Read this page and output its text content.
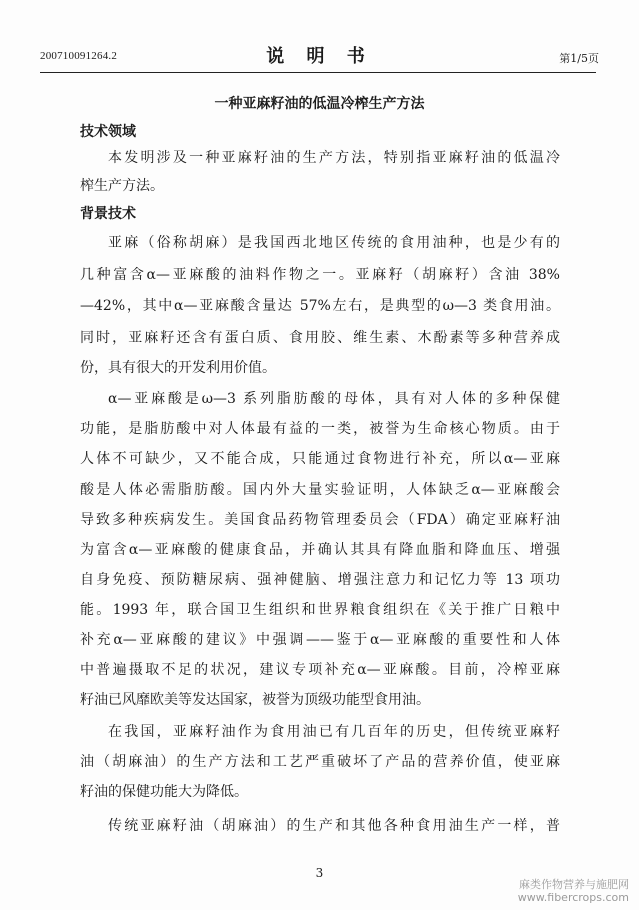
200710091264.2	说 明 书	第1/5页
一种亚麻籽油的低温冷榨生产方法
技术领域
本发明涉及一种亚麻籽油的生产方法，特别指亚麻籽油的低温冷
榨生产方法。
背景技术
亚麻（俗称胡麻）是我国西北地区传统的食用油种，也是少有的
几种富含α—亚麻酸的油料作物之一。亚麻籽（胡麻籽）含油 38%
—42%，其中α—亚麻酸含量达 57%左右，是典型的ω—3 类食用油。
同时，亚麻籽还含有蛋白质、食用胶、维生素、木酚素等多种营养成
份，具有很大的开发利用价值。
α—亚麻酸是ω—3 系列脂肪酸的母体，具有对人体的多种保健
功能，是脂肪酸中对人体最有益的一类，被誉为生命核心物质。由于
人体不可缺少，又不能合成，只能通过食物进行补充，所以α—亚麻
酸是人体必需脂肪酸。国内外大量实验证明，人体缺乏α—亚麻酸会
导致多种疾病发生。美国食品药物管理委员会（FDA）确定亚麻籽油
为富含α—亚麻酸的健康食品，并确认其具有降血脂和降血压、增强
自身免疫、预防糖尿病、强神健脑、增强注意力和记忆力等 13 项功
能。1993 年，联合国卫生组织和世界粮食组织在《关于推广日粮中
补充α—亚麻酸的建议》中强调——鉴于α—亚麻酸的重要性和人体
中普遍摄取不足的状况，建议专项补充α—亚麻酸。目前，冷榨亚麻
籽油已风靡欧美等发达国家，被誉为顶级功能型食用油。
在我国，亚麻籽油作为食用油已有几百年的历史，但传统亚麻籽
油（胡麻油）的生产方法和工艺严重破坏了产品的营养价值，使亚麻
籽油的保健功能大为降低。
传统亚麻籽油（胡麻油）的生产和其他各种食用油生产一样，普
3
麻类作物营养与施肥网
www.fibercrops.com
